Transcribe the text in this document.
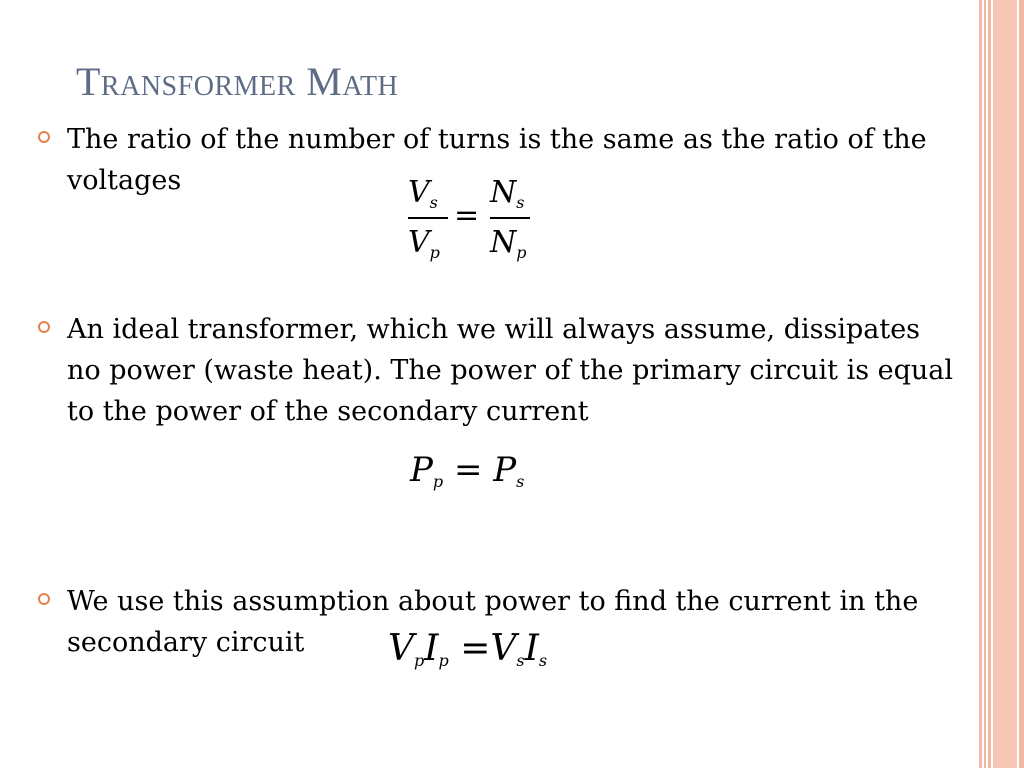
Transformer Math
The ratio of the number of turns is the same as the ratio of the voltages	$V_s$
$V_p$
=
$N_s$
$N_p$
An ideal transformer, which we will always assume, dissipates no power (waste heat). The power of the primary circuit is equal to the power of the secondary current
$P_p = P_s$
We use this assumption about power to find the current in the secondary circuit	$V_pI_p =V_sI_s$
